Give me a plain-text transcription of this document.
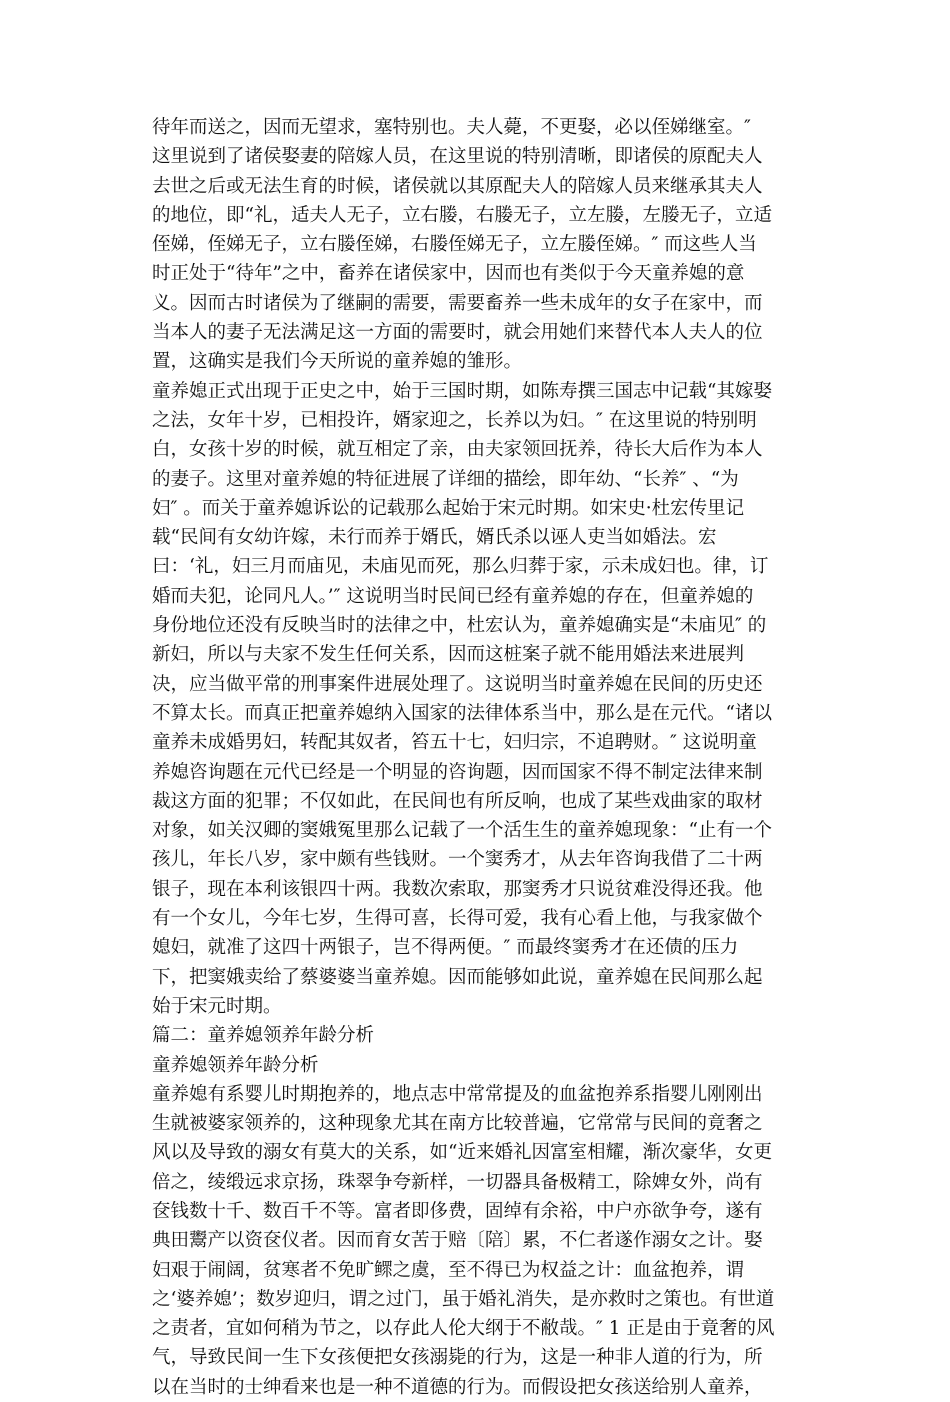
待年而送之，因而无望求，塞特别也。夫人薨，不更娶，必以侄娣继室。″
这里说到了诸侯娶妻的陪嫁人员，在这里说的特别清晰，即诸侯的原配夫人
去世之后或无法生育的时候，诸侯就以其原配夫人的陪嫁人员来继承其夫人
的地位，即“礼，适夫人无子，立右媵，右媵无子，立左媵，左媵无子，立适
侄娣，侄娣无子，立右媵侄娣，右媵侄娣无子，立左媵侄娣。″ 而这些人当
时正处于“待年”之中，畜养在诸侯家中，因而也有类似于今天童养媳的意
义。因而古时诸侯为了继嗣的需要，需要畜养一些未成年的女子在家中，而
当本人的妻子无法满足这一方面的需要时，就会用她们来替代本人夫人的位
置，这确实是我们今天所说的童养媳的雏形。
童养媳正式出现于正史之中，始于三国时期，如陈寿撰三国志中记载“其嫁娶
之法，女年十岁，已相投许，婿家迎之，长养以为妇。″ 在这里说的特别明
白，女孩十岁的时候，就互相定了亲，由夫家领回抚养，待长大后作为本人
的妻子。这里对童养媳的特征进展了详细的描绘，即年幼、“长养″ 、“为
妇″ 。而关于童养媳诉讼的记载那么起始于宋元时期。如宋史·杜宏传里记
载“民间有女幼许嫁，未行而养于婿氏，婿氏杀以诬人吏当如婚法。宏
曰：‘礼，妇三月而庙见，未庙见而死，那么归葬于家，示未成妇也。律，订
婚而夫犯，论同凡人。’″ 这说明当时民间已经有童养媳的存在，但童养媳的
身份地位还没有反映当时的法律之中，杜宏认为，童养媳确实是“未庙见″ 的
新妇，所以与夫家不发生任何关系，因而这桩案子就不能用婚法来进展判
决，应当做平常的刑事案件进展处理了。这说明当时童养媳在民间的历史还
不算太长。而真正把童养媳纳入国家的法律体系当中，那么是在元代。“诸以
童养未成婚男妇，转配其奴者，笞五十七，妇归宗，不追聘财。″ 这说明童
养媳咨询题在元代已经是一个明显的咨询题，因而国家不得不制定法律来制
裁这方面的犯罪；不仅如此，在民间也有所反响，也成了某些戏曲家的取材
对象，如关汉卿的窦娥冤里那么记载了一个活生生的童养媳现象：“止有一个
孩儿，年长八岁，家中颇有些钱财。一个窦秀才，从去年咨询我借了二十两
银子，现在本利该银四十两。我数次索取，那窦秀才只说贫难没得还我。他
有一个女儿，今年七岁，生得可喜，长得可爱，我有心看上他，与我家做个
媳妇，就准了这四十两银子，岂不得两便。″ 而最终窦秀才在还债的压力
下，把窦娥卖给了蔡婆婆当童养媳。因而能够如此说，童养媳在民间那么起
始于宋元时期。
篇二：童养媳领养年龄分析
童养媳领养年龄分析
童养媳有系婴儿时期抱养的，地点志中常常提及的血盆抱养系指婴儿刚刚出
生就被婆家领养的，这种现象尤其在南方比较普遍，它常常与民间的竟奢之
风以及导致的溺女有莫大的关系，如“近来婚礼因富室相耀，渐次豪华，女更
倍之，绫缎远求京扬，珠翠争夸新样，一切器具备极精工，除婢女外，尚有
奁钱数十千、数百千不等。富者即侈费，固绰有余裕，中户亦欲争夸，遂有
典田鬻产以资奁仪者。因而育女苦于赔〔陪〕累，不仁者遂作溺女之计。娶
妇艰于闹阔，贫寒者不免旷鳏之虞，至不得已为权益之计：血盆抱养，谓
之‘婆养媳’；数岁迎归，谓之过门，虽于婚礼消失，是亦救时之策也。有世道
之责者，宜如何稍为节之，以存此人伦大纲于不敝哉。″ 1 正是由于竟奢的风
气，导致民间一生下女孩便把女孩溺毙的行为，这是一种非人道的行为，所
以在当时的士绅看来也是一种不道德的行为。而假设把女孩送给别人童养，
